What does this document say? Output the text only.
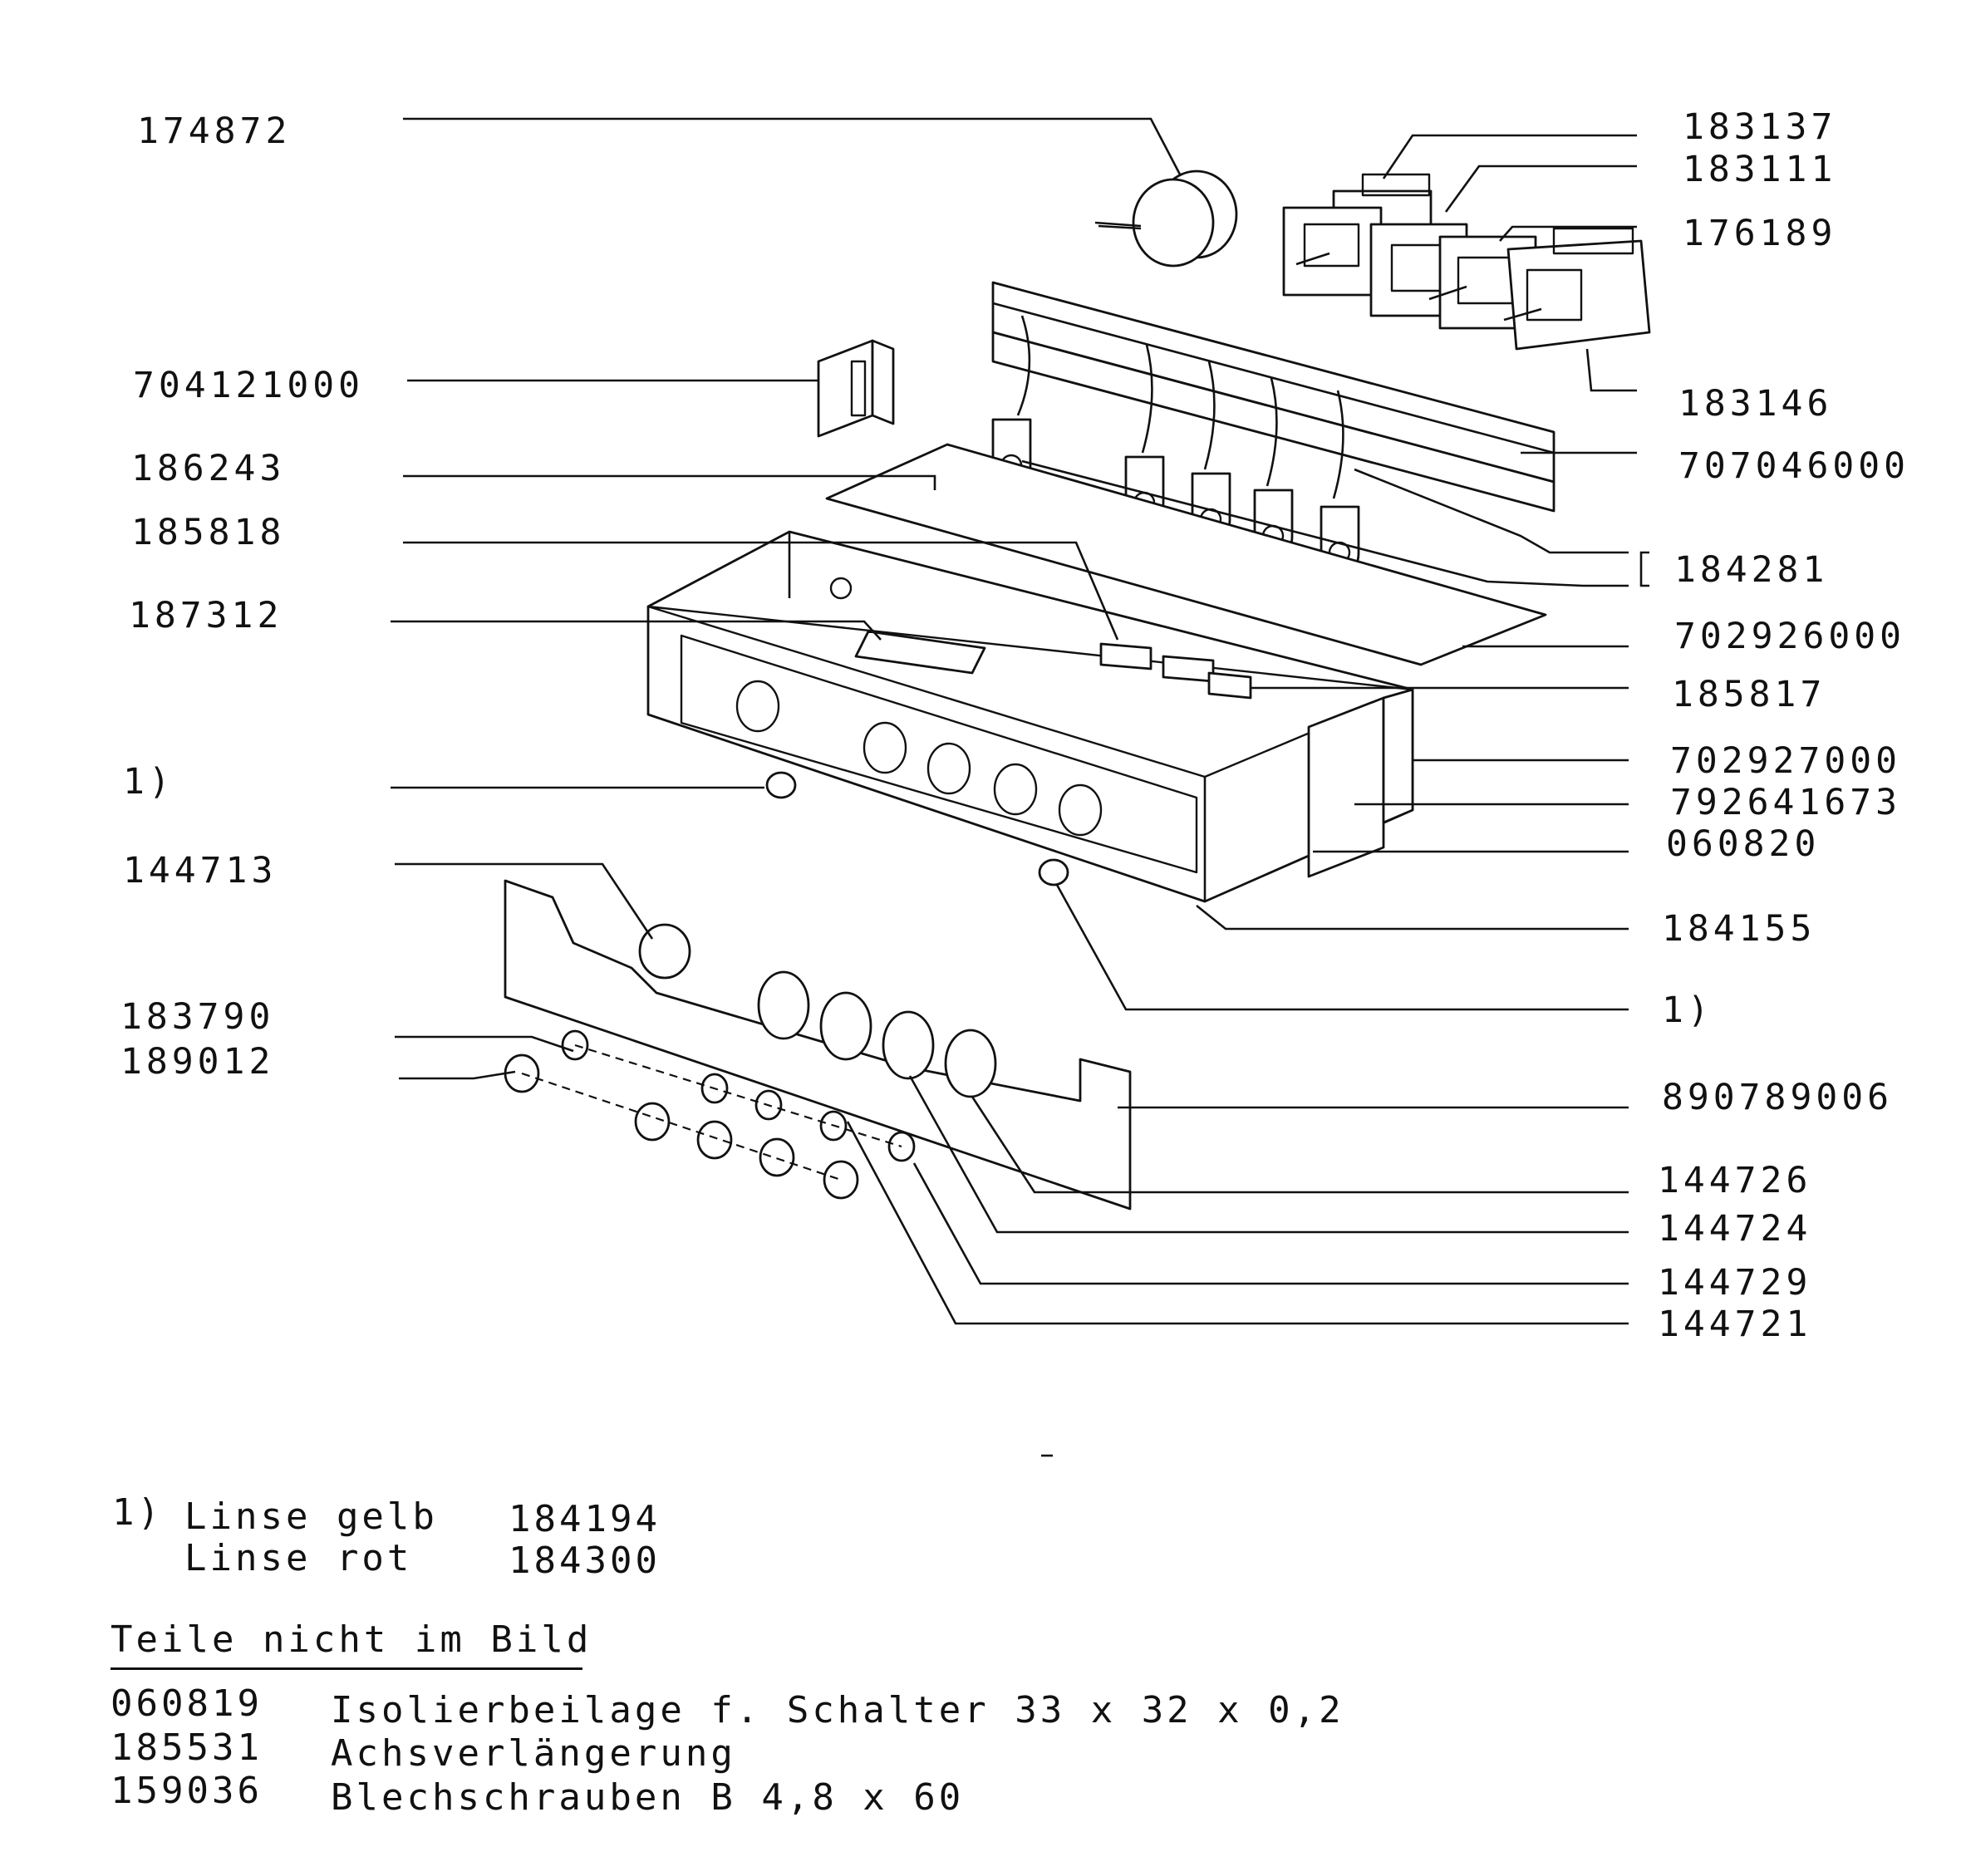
174872
704121000
186243
185818
187312
1)
144713
183790
189012
183137
183111
176189
183146
707046000
184281
702926000
185817
702927000
792641673
060820
184155
1)
890789006
144726
144724
144729
144721
1) Linse gelb 184194
Linse rot	184300
Teile nicht im Bild
060819 Isolierbeilage f. Schalter 33 x 32 x 0,2
185531 Achsverlängerung
159036 Blechschrauben B 4,8 x 60
